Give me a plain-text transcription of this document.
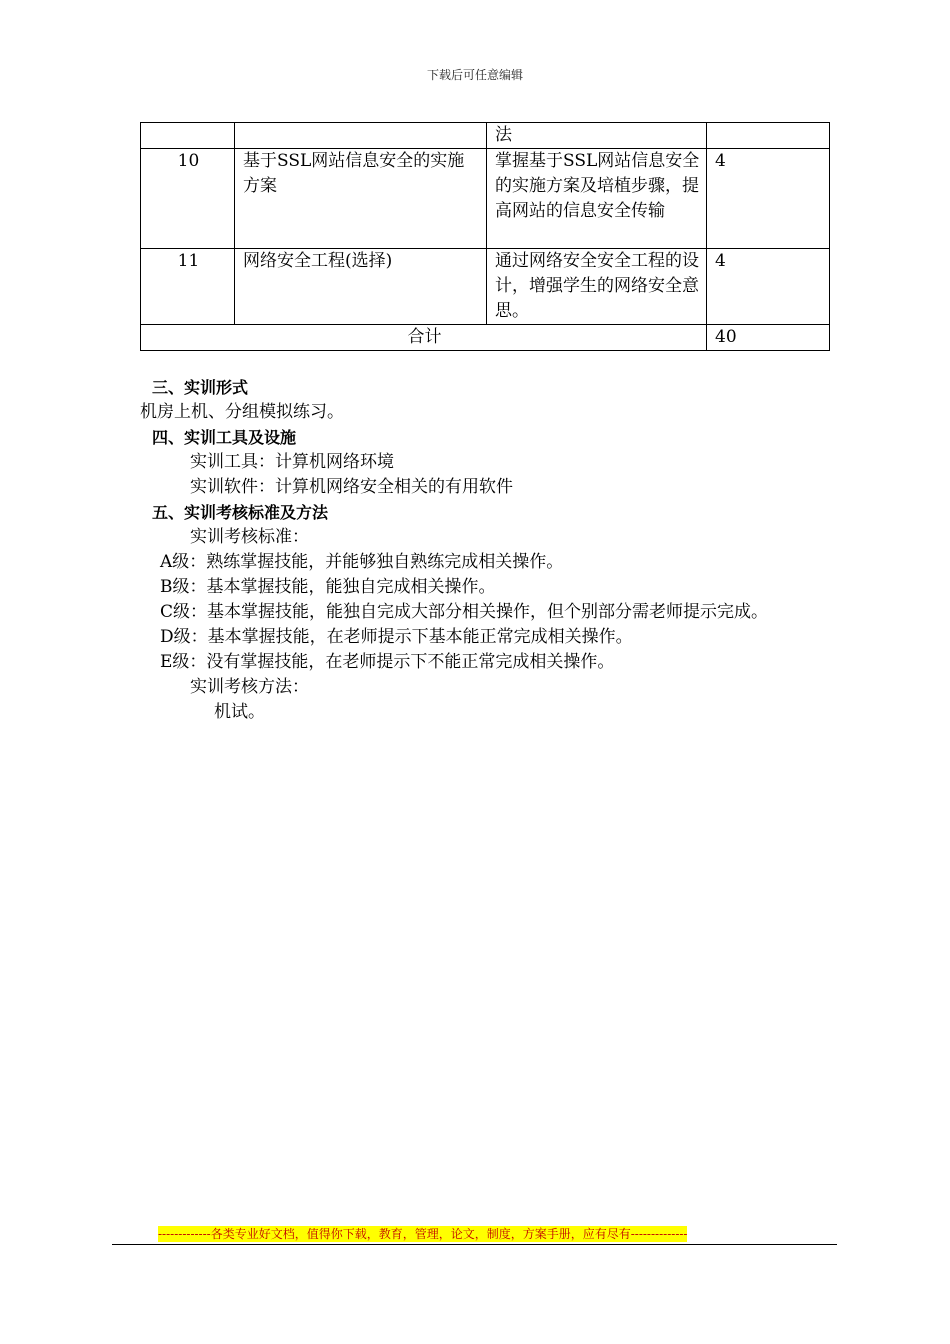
下载后可任意编辑
		法	
10	基于SSL网站信息安全的实施方案	掌握基于SSL网站信息安全的实施方案及培植步骤，提高网站的信息安全传输	4
11	网络安全工程(选择)	通过网络安全安全工程的设计，增强学生的网络安全意思。	4
合计			40
三、实训形式
机房上机、分组模拟练习。
四、实训工具及设施
实训工具：计算机网络环境
实训软件：计算机网络安全相关的有用软件
五、实训考核标准及方法
实训考核标准：
A级：熟练掌握技能，并能够独自熟练完成相关操作。
B级：基本掌握技能，能独自完成相关操作。
C级：基本掌握技能，能独自完成大部分相关操作，但个别部分需老师提示完成。
D级：基本掌握技能，在老师提示下基本能正常完成相关操作。
E级：没有掌握技能，在老师提示下不能正常完成相关操作。
实训考核方法：
机试。
-------------各类专业好文档，值得你下载，教育，管理，论文，制度，方案手册，应有尽有--------------
